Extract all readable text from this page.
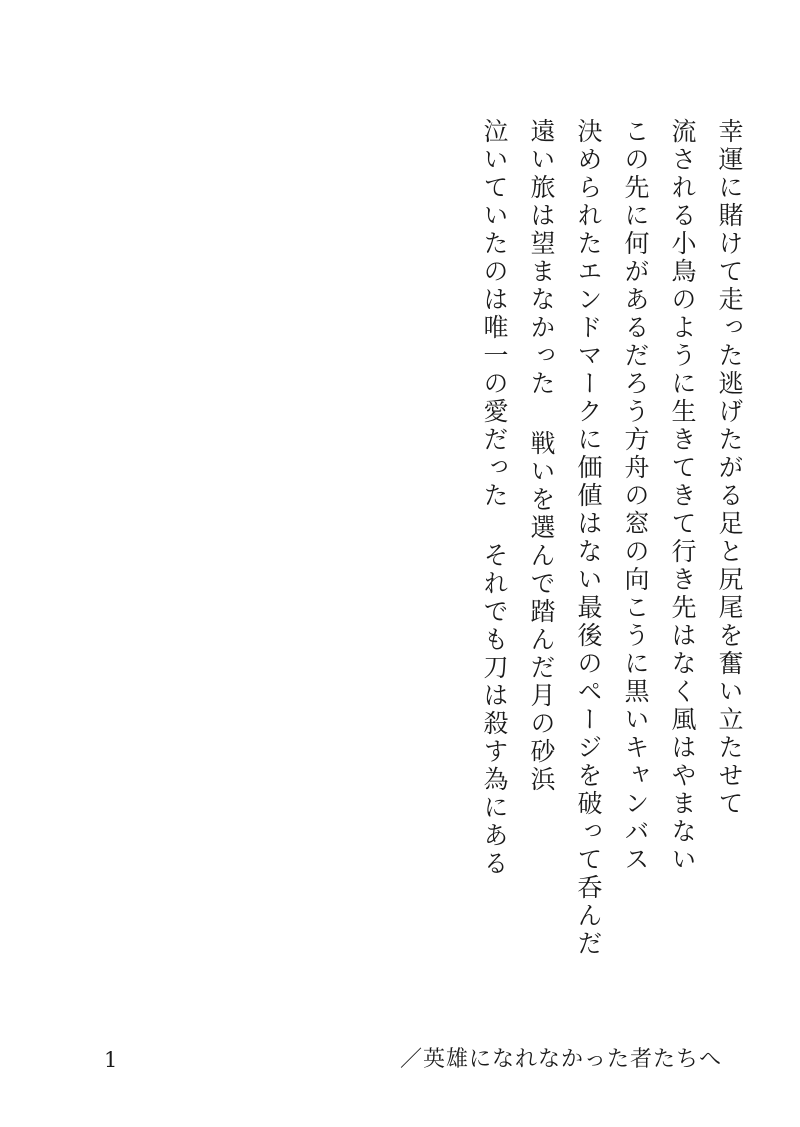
幸運に賭けて走った逃げたがる足と尻尾を奮い立たせて
流される小鳥のように生きてきて行き先はなく風はやまない
この先に何があるだろう方舟の窓の向こうに黒いキャンバス
決められたエンドマークに価値はない最後のページを破って呑んだ
遠い旅は望まなかった 戦いを選んで踏んだ月の砂浜
泣いていたのは唯一の愛だった それでも刀は殺す為にある
1	／英雄になれなかった者たちへ
